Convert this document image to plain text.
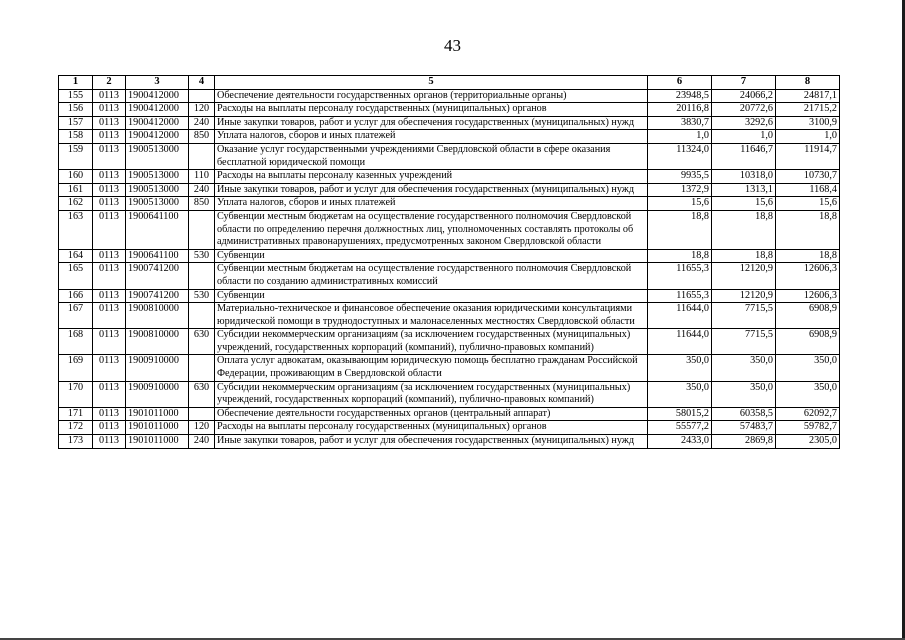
43
1	2	3	4	5	6	7	8
155	0113	1900412000		Обеспечение деятельности государственных органов (территориальные органы)	23948,5	24066,2	24817,1
156	0113	1900412000	120	Расходы на выплаты персоналу государственных (муниципальных) органов	20116,8	20772,6	21715,2
157	0113	1900412000	240	Иные закупки товаров, работ и услуг для обеспечения государственных (муниципальных) нужд	3830,7	3292,6	3100,9
158	0113	1900412000	850	Уплата налогов, сборов и иных платежей	1,0	1,0	1,0
159	0113	1900513000		Оказание услуг государственными учреждениями Свердловской области в сфере оказания бесплатной юридической помощи	11324,0	11646,7	11914,7
160	0113	1900513000	110	Расходы на выплаты персоналу казенных учреждений	9935,5	10318,0	10730,7
161	0113	1900513000	240	Иные закупки товаров, работ и услуг для обеспечения государственных (муниципальных) нужд	1372,9	1313,1	1168,4
162	0113	1900513000	850	Уплата налогов, сборов и иных платежей	15,6	15,6	15,6
163	0113	1900641100		Субвенции местным бюджетам на осуществление государственного полномочия Свердловской области по определению перечня должностных лиц, уполномоченных составлять протоколы об административных правонарушениях, предусмотренных законом Свердловской области	18,8	18,8	18,8
164	0113	1900641100	530	Субвенции	18,8	18,8	18,8
165	0113	1900741200		Субвенции местным бюджетам на осуществление государственного полномочия Свердловской области по созданию административных комиссий	11655,3	12120,9	12606,3
166	0113	1900741200	530	Субвенции	11655,3	12120,9	12606,3
167	0113	1900810000		Материально-техническое и финансовое обеспечение оказания юридическими консультациями юридической помощи в труднодоступных и малонаселенных местностях Свердловской области	11644,0	7715,5	6908,9
168	0113	1900810000	630	Субсидии некоммерческим организациям (за исключением государственных (муниципальных) учреждений, государственных корпораций (компаний), публично-правовых компаний)	11644,0	7715,5	6908,9
169	0113	1900910000		Оплата услуг адвокатам, оказывающим юридическую помощь бесплатно гражданам Российской Федерации, проживающим в Свердловской области	350,0	350,0	350,0
170	0113	1900910000	630	Субсидии некоммерческим организациям (за исключением государственных (муниципальных) учреждений, государственных корпораций (компаний), публично-правовых компаний)	350,0	350,0	350,0
171	0113	1901011000		Обеспечение деятельности государственных органов (центральный аппарат)	58015,2	60358,5	62092,7
172	0113	1901011000	120	Расходы на выплаты персоналу государственных (муниципальных) органов	55577,2	57483,7	59782,7
173	0113	1901011000	240	Иные закупки товаров, работ и услуг для обеспечения государственных (муниципальных) нужд	2433,0	2869,8	2305,0
